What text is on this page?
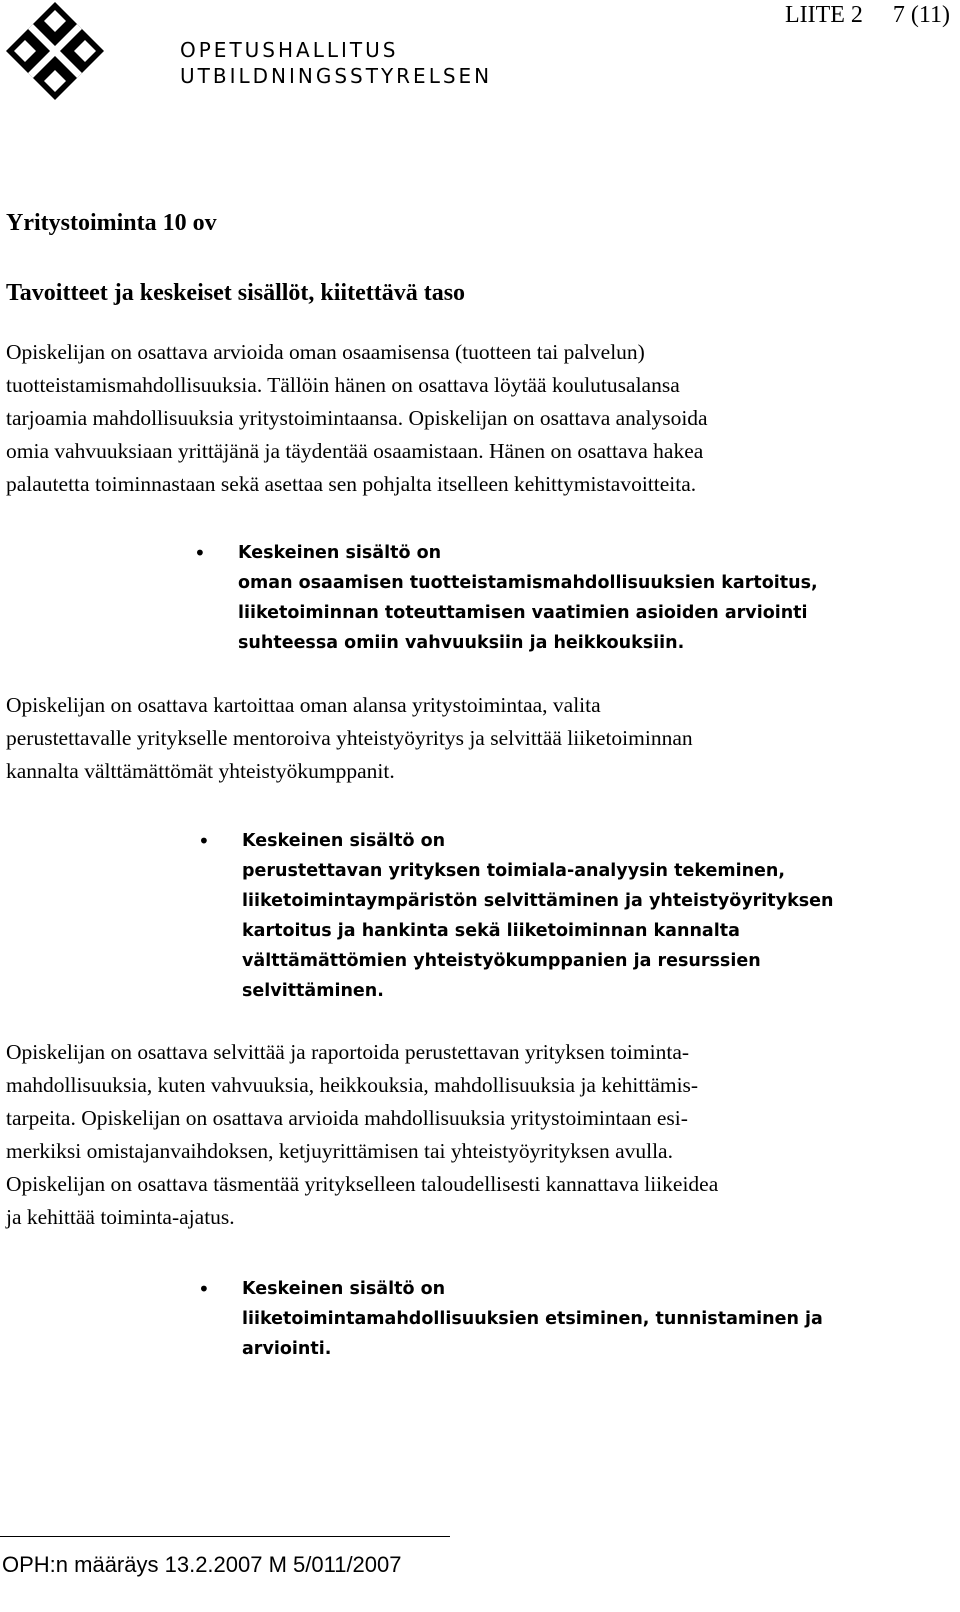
OPETUSHALLITUS
UTBILDNINGSSTYRELSEN
LIITE 2 7 (11)
Yritystoiminta 10 ov
Tavoitteet ja keskeiset sisällöt, kiitettävä taso
Opiskelijan on osattava arvioida oman osaamisensa (tuotteen tai palvelun)
tuotteistamismahdollisuuksia. Tällöin hänen on osattava löytää koulutusalansa
tarjoamia mahdollisuuksia yritystoimintaansa. Opiskelijan on osattava analysoida
omia vahvuuksiaan yrittäjänä ja täydentää osaamistaan. Hänen on osattava hakea
palautetta toiminnastaan sekä asettaa sen pohjalta itselleen kehittymistavoitteita.
• Keskeinen sisältö on
oman osaamisen tuotteistamismahdollisuuksien kartoitus,
liiketoiminnan toteuttamisen vaatimien asioiden arviointi
suhteessa omiin vahvuuksiin ja heikkouksiin.
Opiskelijan on osattava kartoittaa oman alansa yritystoimintaa, valita
perustettavalle yritykselle mentoroiva yhteistyöyritys ja selvittää liiketoiminnan
kannalta välttämättömät yhteistyökumppanit.
• Keskeinen sisältö on
perustettavan yrityksen toimiala-analyysin tekeminen,
liiketoimintaympäristön selvittäminen ja yhteistyöyrityksen
kartoitus ja hankinta sekä liiketoiminnan kannalta
välttämättömien yhteistyökumppanien ja resurssien
selvittäminen.
Opiskelijan on osattava selvittää ja raportoida perustettavan yrityksen toiminta-
mahdollisuuksia, kuten vahvuuksia, heikkouksia, mahdollisuuksia ja kehittämis-
tarpeita. Opiskelijan on osattava arvioida mahdollisuuksia yritystoimintaan esi-
merkiksi omistajanvaihdoksen, ketjuyrittämisen tai yhteistyöyrityksen avulla.
Opiskelijan on osattava täsmentää yritykselleen taloudellisesti kannattava liikeidea
ja kehittää toiminta-ajatus.
• Keskeinen sisältö on
liiketoimintamahdollisuuksien etsiminen, tunnistaminen ja
arviointi.
OPH:n määräys 13.2.2007 M 5/011/2007
